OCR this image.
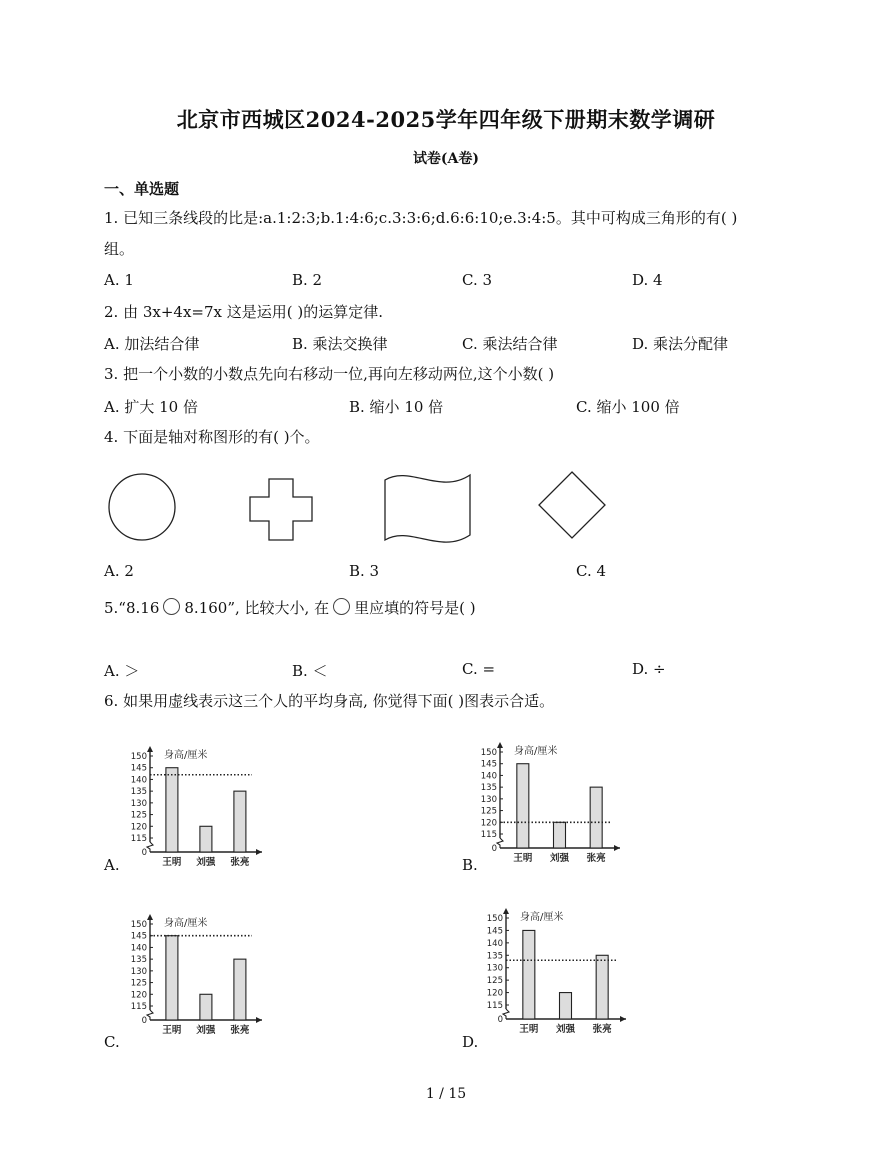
北京市西城区2024-2025学年四年级下册期末数学调研
试卷(A卷)
一、单选题
1. 已知三条线段的比是:a.1:2:3;b.1:4:6;c.3:3:6;d.6:6:10;e.3:4:5。其中可构成三角形的有( )
组。
A. 1	B. 2	C. 3	D. 4
2. 由 3x+4x=7x 这是运用( )的运算定律.
A. 加法结合律	B. 乘法交换律	C. 乘法结合律	D. 乘法分配律
3. 把一个小数的小数点先向右移动一位,再向左移动两位,这个小数( )
A. 扩大 10 倍	B. 缩小 10 倍	C. 缩小 100 倍
4. 下面是轴对称图形的有( )个。
A. 2	B. 3	C. 4
5.“8.16 8.160”, 比较大小, 在 里应填的符号是( )
A. ＞	B. ＜	C. =	D. ÷
6. 如果用虚线表示这三个人的平均身高, 你觉得下面( )图表示合适。
0
115
120
125
130
135
140
145
150 身高/厘米
王明 刘强 张亮
0
115
120
125
130
135
140
145
150 身高/厘米
王明 刘强 张亮
0
115
120
125
130
135
140
145
150 身高/厘米
王明 刘强 张亮
0
115
120
125
130
135
140
145
150 身高/厘米
王明 刘强 张亮
A.	B.
C.	D.
1 / 15
